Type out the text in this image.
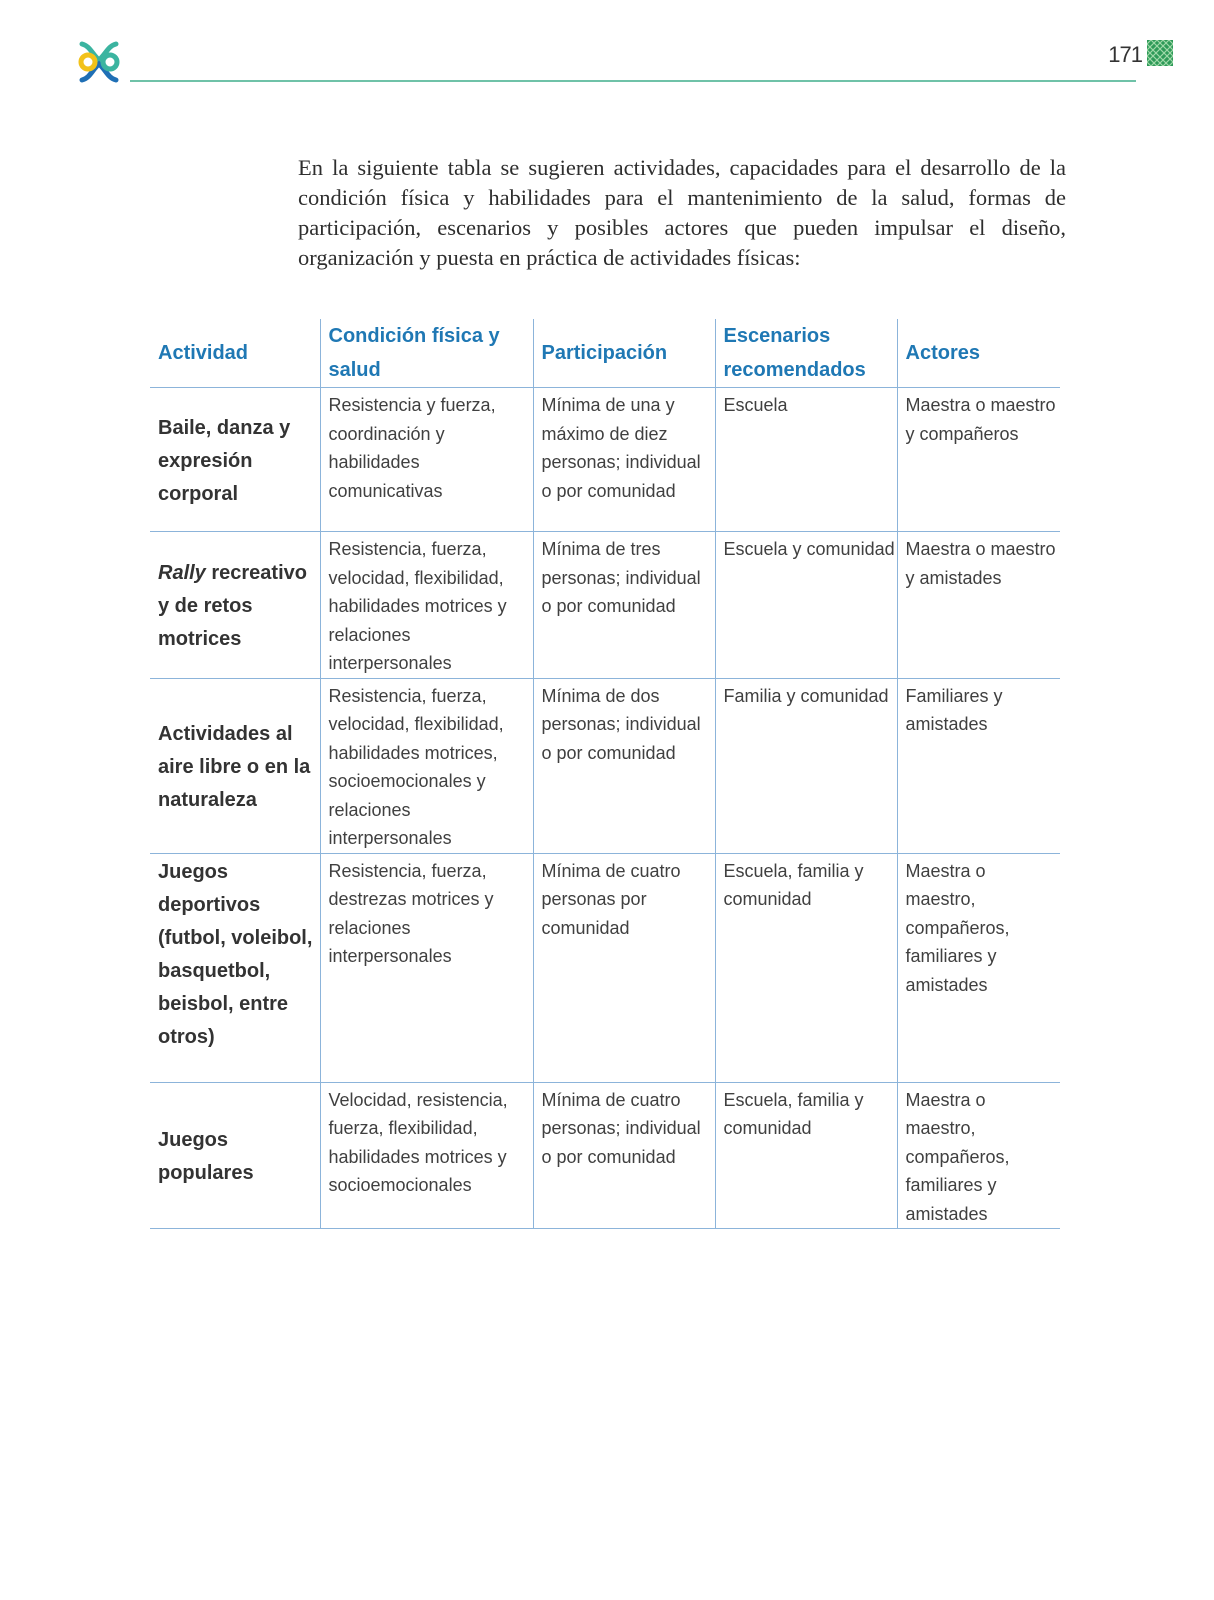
171

En la siguiente tabla se sugieren actividades, capacidades para el desarrollo de la condición física y habilidades para el mantenimiento de la salud, formas de participación, escenarios y posibles actores que pueden impulsar el diseño, organización y puesta en práctica de actividades físicas:

Actividad	Condición física y salud	Participación	Escenarios recomendados	Actores
Baile, danza y expresión corporal	Resistencia y fuerza, coordinación y habilidades comunicativas	Mínima de una y máximo de diez personas; individual o por comunidad	Escuela	Maestra o maestro y compañeros
Rally recreativo y de retos motrices	Resistencia, fuerza, velocidad, flexibilidad, habilidades motrices y relaciones interpersonales	Mínima de tres personas; individual o por comunidad	Escuela y comunidad	Maestra o maestro y amistades
Actividades al aire libre o en la naturaleza	Resistencia, fuerza, velocidad, flexibilidad, habilidades motrices, socioemocionales y relaciones interpersonales	Mínima de dos personas; individual o por comunidad	Familia y comunidad	Familiares y amistades
Juegos deportivos (futbol, voleibol, basquetbol, beisbol, entre otros)	Resistencia, fuerza, destrezas motrices y relaciones interpersonales	Mínima de cuatro personas por comunidad	Escuela, familia y comunidad	Maestra o maestro, compañeros, familiares y amistades
Juegos populares	Velocidad, resistencia, fuerza, flexibilidad, habilidades motrices y socioemocionales	Mínima de cuatro personas; individual o por comunidad	Escuela, familia y comunidad	Maestra o maestro, compañeros, familiares y amistades
